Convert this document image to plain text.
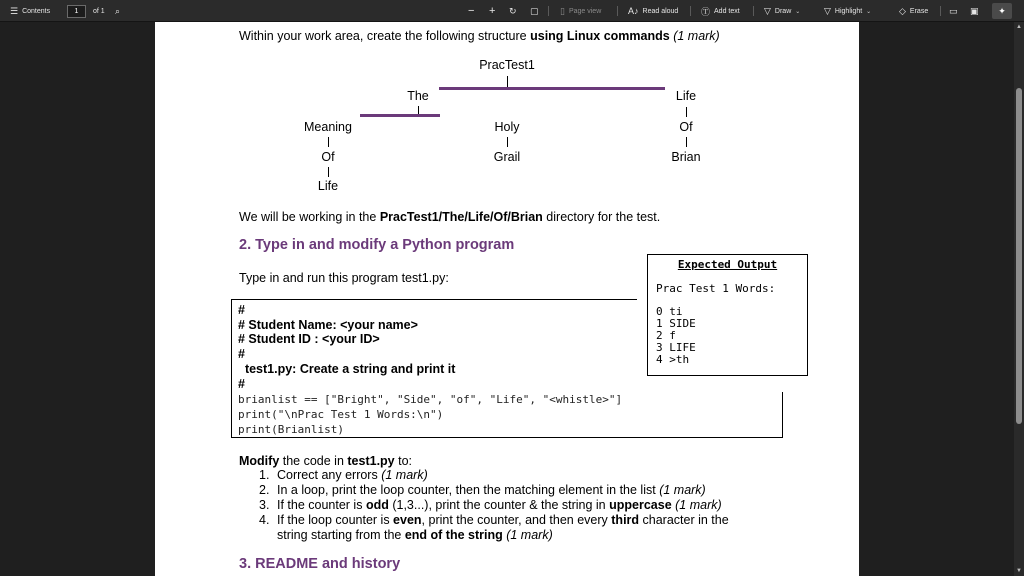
☰ Contents	1	of 1 ⌕	− + ↻ ▢ ▯ Page view	A♪ Read aloud	Ⓣ Add text	▽ Draw ⌄	▽ Highlight ⌄	◇ Erase ▭ ▣ ✦
Within your work area, create the following structure using Linux commands (1 mark)
PracTest1
The	Life
Of
Brian
Meaning
Of
Life
Holy
Grail
We will be working in the PracTest1/The/Life/Of/Brian directory for the test.
2. Type in and modify a Python program
Type in and run this program test1.py:
#
# Student Name: <your name>
# Student ID : <your ID>
#
test1.py: Create a string and print it
#
brianlist == ["Bright", "Side", "of", "Life", "<whistle>"]
print("\nPrac Test 1 Words:\n")
print(Brianlist)
Expected Output
Prac Test 1 Words:
0 ti
1 SIDE
2 f
3 LIFE
4 >th
Modify the code in test1.py to:
1. Correct any errors (1 mark)
2. In a loop, print the loop counter, then the matching element in the list (1 mark)
3. If the counter is odd (1,3...), print the counter & the string in uppercase (1 mark)
4. If the loop counter is even, print the counter, and then every third character in the
string starting from the end of the string (1 mark)
3. README and history
▲
▼
